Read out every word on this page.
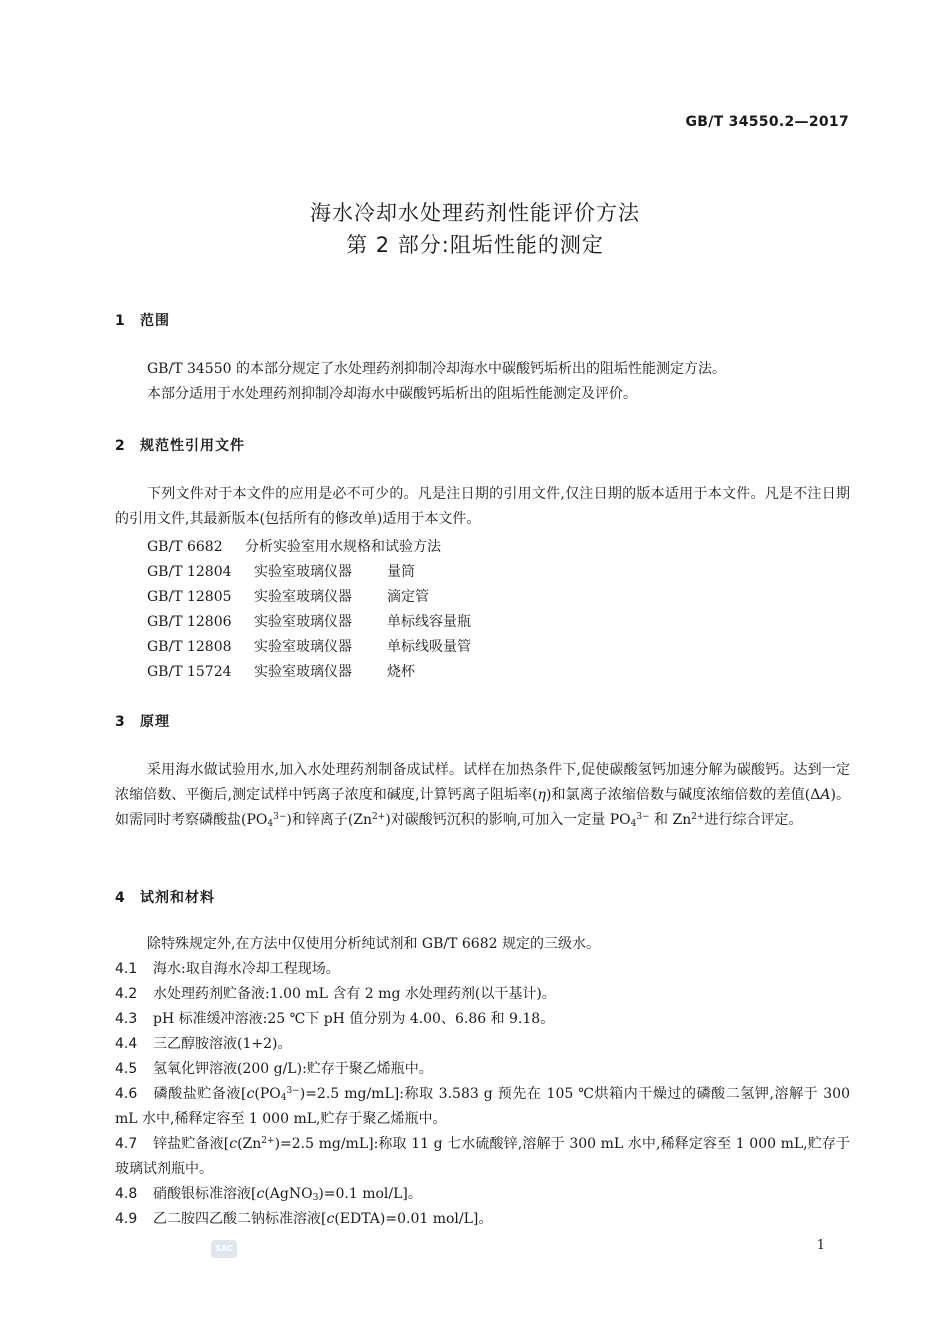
GB/T 34550.2—2017
海水冷却水处理药剂性能评价方法
第 2 部分:阻垢性能的测定
1 范围
GB/T 34550 的本部分规定了水处理药剂抑制冷却海水中碳酸钙垢析出的阻垢性能测定方法。
本部分适用于水处理药剂抑制冷却海水中碳酸钙垢析出的阻垢性能测定及评价。
2 规范性引用文件
下列文件对于本文件的应用是必不可少的。凡是注日期的引用文件,仅注日期的版本适用于本文件。凡是不注日期的引用文件,其最新版本(包括所有的修改单)适用于本文件。
GB/T 6682 分析实验室用水规格和试验方法
GB/T 12804 实验室玻璃仪器	量筒
GB/T 12805 实验室玻璃仪器	滴定管
GB/T 12806 实验室玻璃仪器	单标线容量瓶
GB/T 12808 实验室玻璃仪器	单标线吸量管
GB/T 15724 实验室玻璃仪器	烧杯
3 原理
采用海水做试验用水,加入水处理药剂制备成试样。试样在加热条件下,促使碳酸氢钙加速分解为碳酸钙。达到一定浓缩倍数、平衡后,测定试样中钙离子浓度和碱度,计算钙离子阻垢率(η)和氯离子浓缩倍数与碱度浓缩倍数的差值(ΔA)。如需同时考察磷酸盐$(PO_4^{3-})$和锌离子$(Zn^{2+})$对碳酸钙沉积的影响,可加入一定量 $PO_4^{3-}$ 和 $Zn^{2+}$进行综合评定。
4 试剂和材料
除特殊规定外,在方法中仅使用分析纯试剂和 GB/T 6682 规定的三级水。
4.1 海水:取自海水冷却工程现场。
4.2 水处理药剂贮备液:1.00 mL 含有 2 mg 水处理药剂(以干基计)。
4.3 pH 标准缓冲溶液:25 ℃下 pH 值分别为 4.00、6.86 和 9.18。
4.4 三乙醇胺溶液(1+2)。
4.5 氢氧化钾溶液(200 g/L):贮存于聚乙烯瓶中。
4.6 磷酸盐贮备液[$c(PO_4^{3-})=2.5$ mg/mL]:称取 3.583 g 预先在 105 ℃烘箱内干燥过的磷酸二氢钾,溶解于 300 mL 水中,稀释定容至 1 000 mL,贮存于聚乙烯瓶中。
4.7 锌盐贮备液[$c(Zn^{2+})=2.5$ mg/mL]:称取 11 g 七水硫酸锌,溶解于 300 mL 水中,稀释定容至 1 000 mL,贮存于玻璃试剂瓶中。
4.8 硝酸银标准溶液[c(AgNO$_3$)=0.1 mol/L]。
4.9 乙二胺四乙酸二钠标准溶液[c(EDTA)=0.01 mol/L]。
SAC	1
